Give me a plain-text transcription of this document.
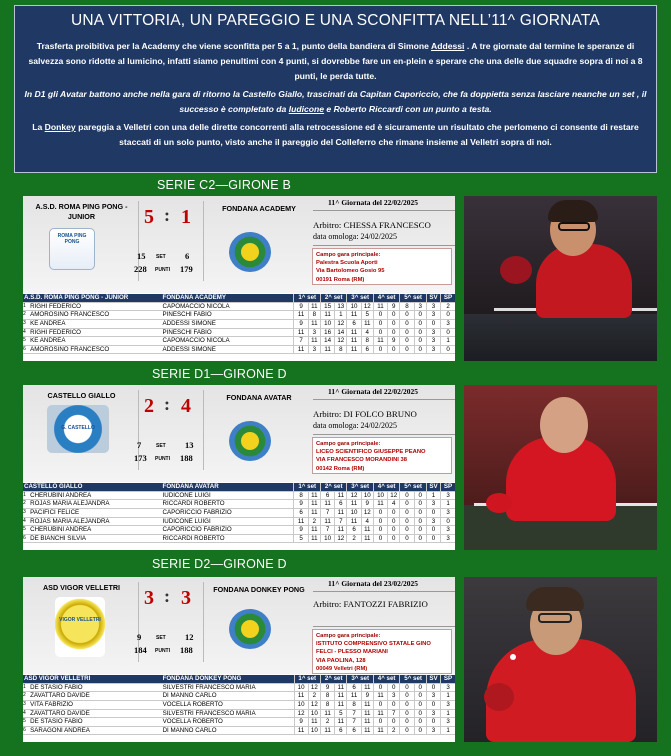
UNA VITTORIA, UN PAREGGIO E UNA SCONFITTA NELL’11^ GIORNATA

Trasferta proibitiva per la Academy che viene sconfitta per 5 a 1, punto della bandiera di Simone Addessi . A tre giornate dal termine le speranze di salvezza sono ridotte al lumicino, infatti siamo penultimi con 4 punti, si dovrebbe fare un en-plein e sperare che una delle due squadre sopra di noi a 8 punti, le perda tutte.

In D1 gli Avatar battono anche nella gara di ritorno la Castello Giallo, trascinati da Capitan Caporiccio, che fa doppietta senza lasciare neanche un set , il successo è completato da Iudicone e Roberto Riccardi con un punto a testa.

La Donkey pareggia a Velletri con una delle dirette concorrenti alla retrocessione ed è sicuramente un risultato che perlomeno ci consente di restare staccati di un solo punto, visto anche il pareggio del Colleferro che rimane insieme al Velletri sopra di noi.

SERIE C2—GIRONE B
A.S.D. ROMA PING PONG - JUNIOR
FONDANA ACADEMY
5 : 1
ROMA PING PONG
15 SET 6
228 PUNTI 179
11^ Giornata del 22/02/2025
Arbitro: CHESSA FRANCESCO
data omologa: 24/02/2025
Campo gara principale:
Palestra Scuola Aporti
Via Bartolomeo Gosio 95
00191 Roma (RM)
A.S.D. ROMA PING PONG - JUNIOR		FONDANA ACADEMY	1^ set		2^ set		3^ set		4^ set		5^ set		SV	SP
1	RIGHI FEDERICO	CAPOMACCIO NICOLA	9	11	15	13	10	12	11	9	8	3	3	2
2	AMOROSINO FRANCESCO	PINESCHI FABIO	11	8	11	1	11	5	0	0	0	0	3	0
3	KE ANDREA	ADDESSI SIMONE	9	11	10	12	6	11	0	0	0	0	0	3
4	RIGHI FEDERICO	PINESCHI FABIO	11	3	16	14	11	4	0	0	0	0	3	0
5	KE ANDREA	CAPOMACCIO NICOLA	7	11	14	12	11	8	11	9	0	0	3	1
6	AMOROSINO FRANCESCO	ADDESSI SIMONE	11	3	11	8	11	6	0	0	0	0	3	0
SERIE D1—GIRONE D
CASTELLO GIALLO	FONDANA AVATAR
2 : 4
G. CASTELLO
7	SET 13
173 PUNTI 188
11^ Giornata del 22/02/2025
Arbitro: DI FOLCO BRUNO
data omologa: 24/02/2025
Campo gara principale:
LICEO SCIENTIFICO GIUSEPPE PEANO
VIA FRANCESCO MORANDINI 38
00142 Roma (RM)
CASTELLO GIALLO		FONDANA AVATAR	1^ set		2^ set		3^ set		4^ set		5^ set		SV	SP
1	CHERUBINI ANDREA	IUDICONE LUIGI	8	11	6	11	12	10	10	12	0	0	1	3
2	ROJAS MARIA ALEJANDRA	RICCARDI ROBERTO	9	11	11	6	11	9	11	4	0	0	3	1
3	PACIFICI FELICE	CAPORICCIO FABRIZIO	6	11	7	11	10	12	0	0	0	0	0	3
4	ROJAS MARIA ALEJANDRA	IUDICONE LUIGI	11	2	11	7	11	4	0	0	0	0	3	0
5	CHERUBINI ANDREA	CAPORICCIO FABRIZIO	9	11	7	11	6	11	0	0	0	0	0	3
6	DE BIANCHI SILVIA	RICCARDI ROBERTO	5	11	10	12	2	11	0	0	0	0	0	3
SERIE D2—GIRONE D
ASD VIGOR VELLETRI	FONDANA DONKEY PONG
3 : 3
VIGOR VELLETRI
9	SET 12
184 PUNTI 188
11^ Giornata del 23/02/2025
Arbitro: FANTOZZI FABRIZIO
Campo gara principale:
ISTITUTO COMPRENSIVO STATALE GINO
FELCI - PLESSO MARIANI
VIA PAOLINA, 128
00049 Velletri (RM)
ASD VIGOR VELLETRI		FONDANA DONKEY PONG	1^ set		2^ set		3^ set		4^ set		5^ set		SV	SP
1	DE STASIO FABIO	SILVESTRI FRANCESCO MARIA	10	12	9	11	6	11	0	0	0	0	0	3
2	ZAVATTARO DAVIDE	DI MANNO CARLO	11	2	8	11	11	9	11	3	0	0	3	1
3	VITA FABRIZIO	VOCELLA ROBERTO	10	12	8	11	8	11	0	0	0	0	0	3
4	ZAVATTARO DAVIDE	SILVESTRI FRANCESCO MARIA	12	10	11	5	7	11	11	7	0	0	3	1
5	DE STASIO FABIO	VOCELLA ROBERTO	9	11	2	11	7	11	0	0	0	0	0	3
6	SARAGONI ANDREA	DI MANNO CARLO	11	10	11	6	6	11	11	2	0	0	3	1
